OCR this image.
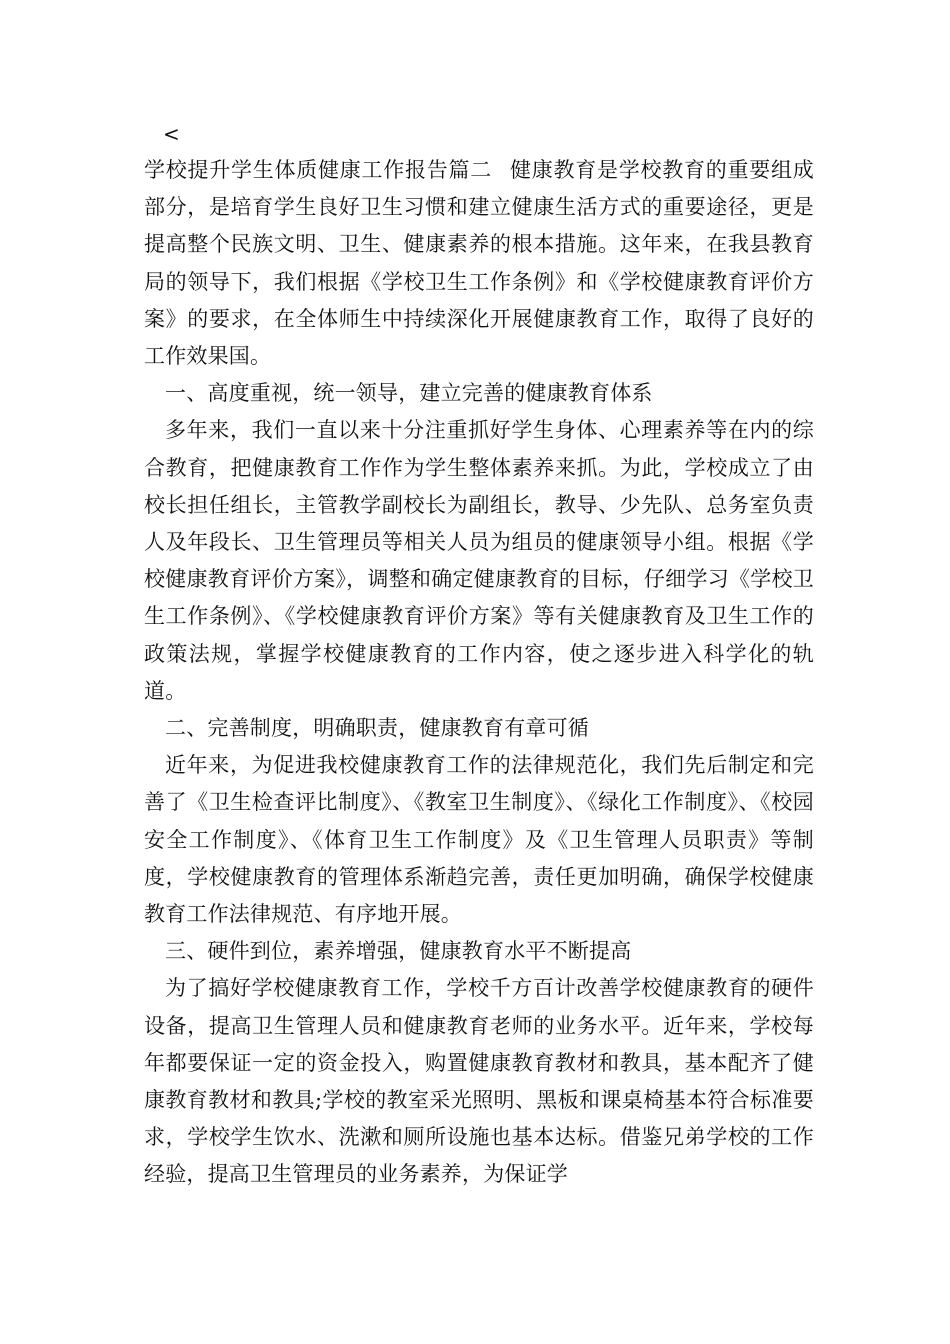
<

学校提升学生体质健康工作报告篇二 健康教育是学校教育的重要组成部分，是培育学生良好卫生习惯和建立健康生活方式的重要途径，更是提高整个民族文明、卫生、健康素养的根本措施。这年来，在我县教育局的领导下，我们根据《学校卫生工作条例》和《学校健康教育评价方案》的要求，在全体师生中持续深化开展健康教育工作，取得了良好的工作效果国。

一、高度重视，统一领导，建立完善的健康教育体系

多年来，我们一直以来十分注重抓好学生身体、心理素养等在内的综合教育，把健康教育工作作为学生整体素养来抓。为此，学校成立了由校长担任组长，主管教学副校长为副组长，教导、少先队、总务室负责人及年段长、卫生管理员等相关人员为组员的健康领导小组。根据《学校健康教育评价方案》，调整和确定健康教育的目标，仔细学习《学校卫生工作条例》、《学校健康教育评价方案》等有关健康教育及卫生工作的政策法规，掌握学校健康教育的工作内容，使之逐步进入科学化的轨道。

二、完善制度，明确职责，健康教育有章可循

近年来，为促进我校健康教育工作的法律规范化，我们先后制定和完善了《卫生检查评比制度》、《教室卫生制度》、《绿化工作制度》、《校园安全工作制度》、《体育卫生工作制度》及《卫生管理人员职责》等制度，学校健康教育的管理体系渐趋完善，责任更加明确，确保学校健康教育工作法律规范、有序地开展。

三、硬件到位，素养增强，健康教育水平不断提高

为了搞好学校健康教育工作，学校千方百计改善学校健康教育的硬件设备，提高卫生管理人员和健康教育老师的业务水平。近年来，学校每年都要保证一定的资金投入，购置健康教育教材和教具，基本配齐了健康教育教材和教具;学校的教室采光照明、黑板和课桌椅基本符合标准要求，学校学生饮水、洗漱和厕所设施也基本达标。借鉴兄弟学校的工作经验，提高卫生管理员的业务素养，为保证学
